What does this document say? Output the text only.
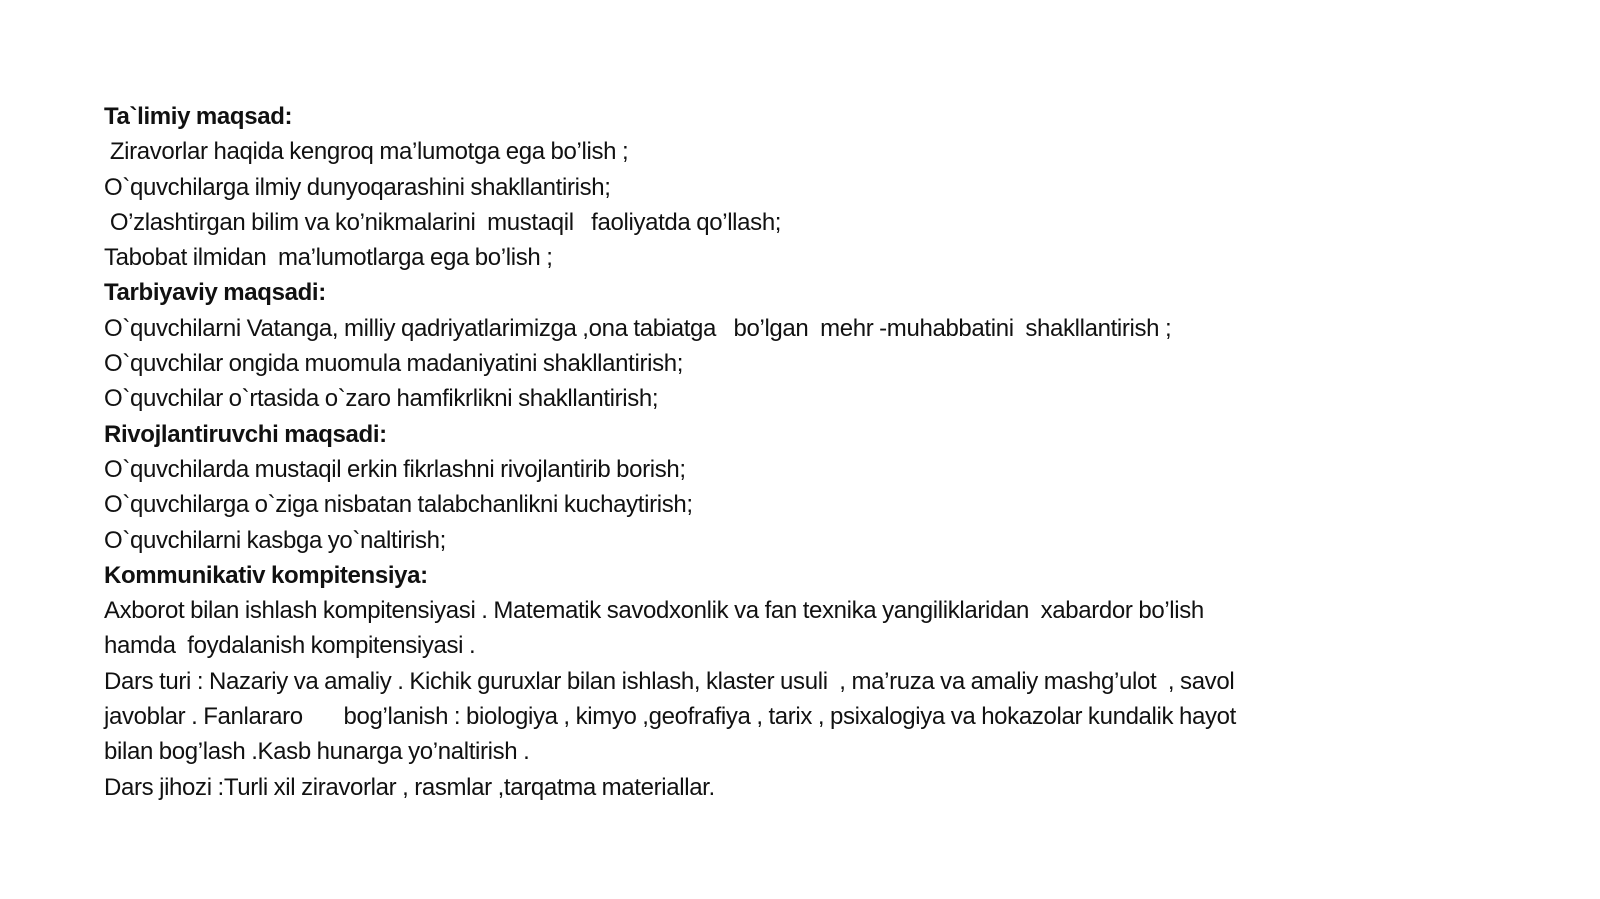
Ta`limiy maqsad:

Ziravorlar haqida kengroq ma’lumotga ega bo’lish ;

O`quvchilarga ilmiy dunyoqarashini shakllantirish;

O’zlashtirgan bilim va ko’nikmalarini  mustaqil   faoliyatda qo’llash;

Tabobat ilmidan  ma’lumotlarga ega bo’lish ;

Tarbiyaviy maqsadi:

O`quvchilarni Vatanga, milliy qadriyatlarimizga ,ona tabiatga   bo’lgan  mehr -muhabbatini  shakllantirish ;

O`quvchilar ongida muomula madaniyatini shakllantirish;

O`quvchilar o`rtasida o`zaro hamfikrlikni shakllantirish;

Rivojlantiruvchi maqsadi:

O`quvchilarda mustaqil erkin fikrlashni rivojlantirib borish;

O`quvchilarga o`ziga nisbatan talabchanlikni kuchaytirish;

O`quvchilarni kasbga yo`naltirish;

Kommunikativ kompitensiya:

Axborot bilan ishlash kompitensiyasi . Matematik savodxonlik va fan texnika yangiliklaridan  xabardor bo’lish

hamda  foydalanish kompitensiyasi .

Dars turi : Nazariy va amaliy . Kichik guruxlar bilan ishlash, klaster usuli  , ma’ruza va amaliy mashg’ulot  , savol

javoblar . Fanlararo       bog’lanish : biologiya , kimyo ,geofrafiya , tarix , psixalogiya va hokazolar kundalik hayot

bilan bog’lash .Kasb hunarga yo’naltirish .

Dars jihozi :Turli xil ziravorlar , rasmlar ,tarqatma materiallar.
